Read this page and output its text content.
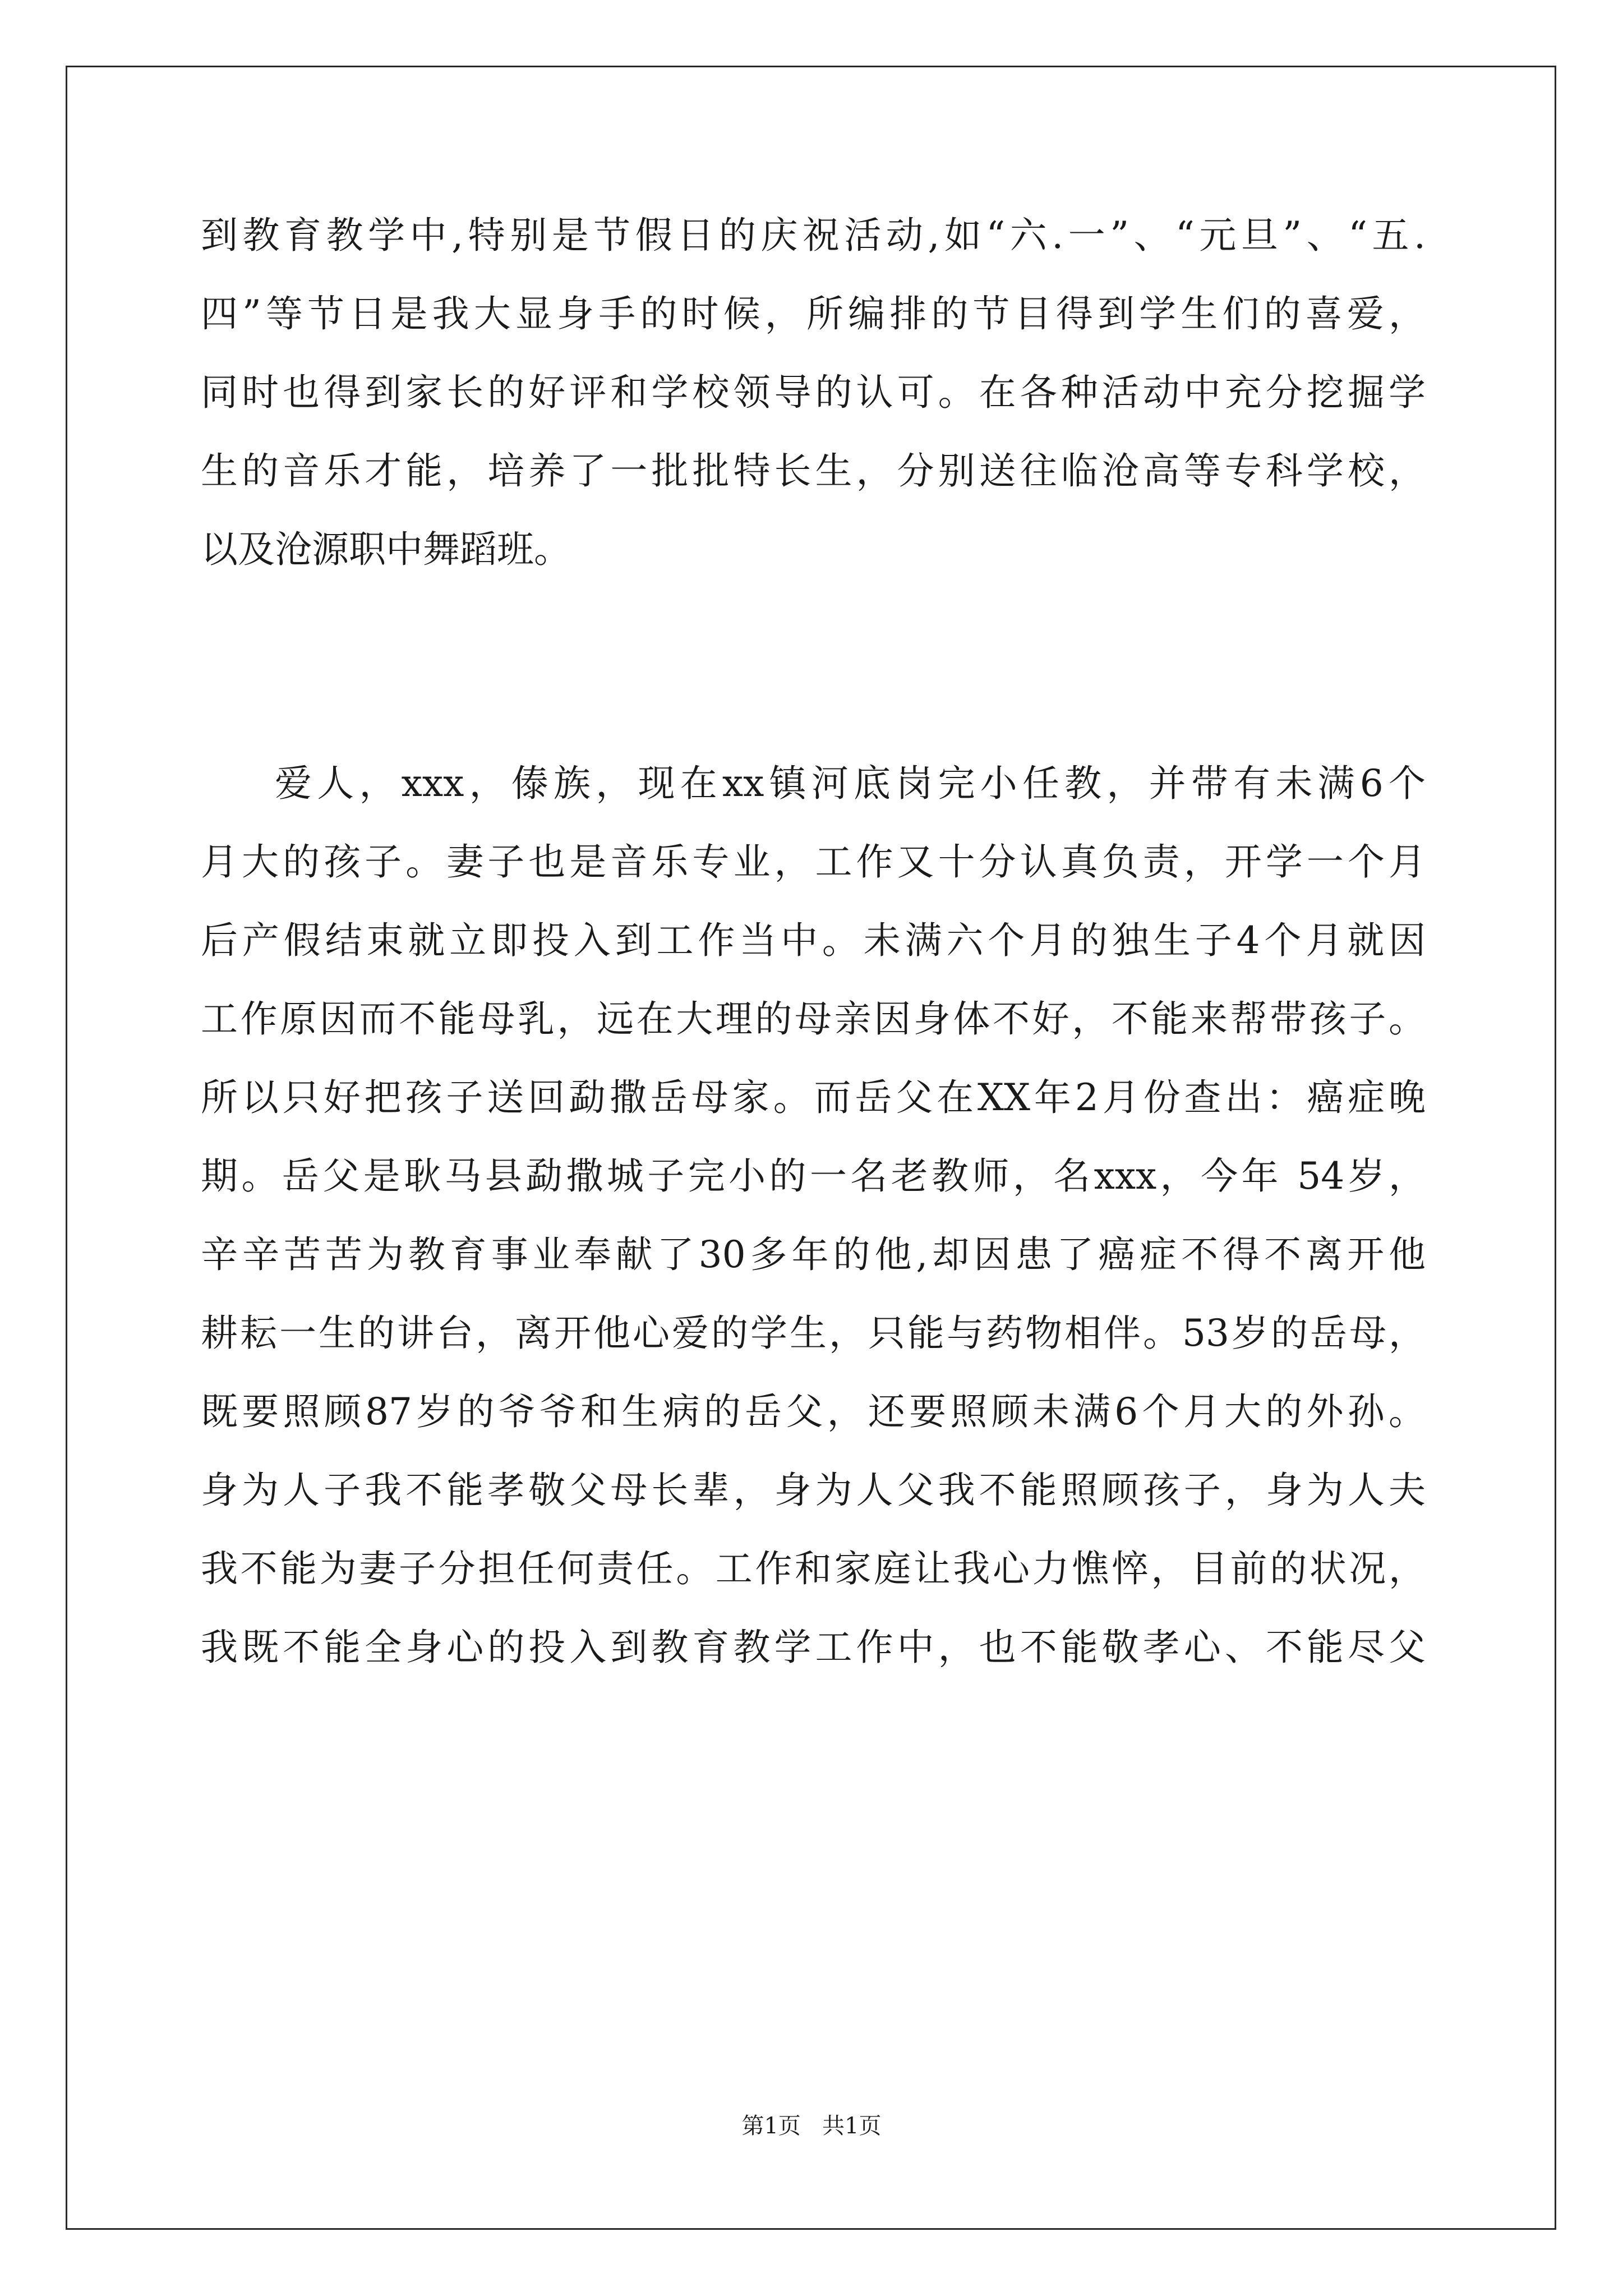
到教育教学中,特别是节假日的庆祝活动,如“六.一”、“元旦”、“五.
四”等节日是我大显身手的时候，所编排的节目得到学生们的喜爱，
同时也得到家长的好评和学校领导的认可。在各种活动中充分挖掘学
生的音乐才能，培养了一批批特长生，分别送往临沧高等专科学校，
以及沧源职中舞蹈班。
爱人，xxx，傣族，现在xx镇河底岗完小任教，并带有未满6个
月大的孩子。妻子也是音乐专业，工作又十分认真负责，开学一个月
后产假结束就立即投入到工作当中。未满六个月的独生子4个月就因
工作原因而不能母乳，远在大理的母亲因身体不好，不能来帮带孩子。
所以只好把孩子送回勐撒岳母家。而岳父在XX年2月份查出：癌症晚
期。岳父是耿马县勐撒城子完小的一名老教师，名xxx，今年 54岁，
辛辛苦苦为教育事业奉献了30多年的他,却因患了癌症不得不离开他
耕耘一生的讲台，离开他心爱的学生，只能与药物相伴。53岁的岳母，
既要照顾87岁的爷爷和生病的岳父，还要照顾未满6个月大的外孙。
身为人子我不能孝敬父母长辈，身为人父我不能照顾孩子，身为人夫
我不能为妻子分担任何责任。工作和家庭让我心力憔悴，目前的状况，
我既不能全身心的投入到教育教学工作中，也不能敬孝心、不能尽父
第1页   共1页
